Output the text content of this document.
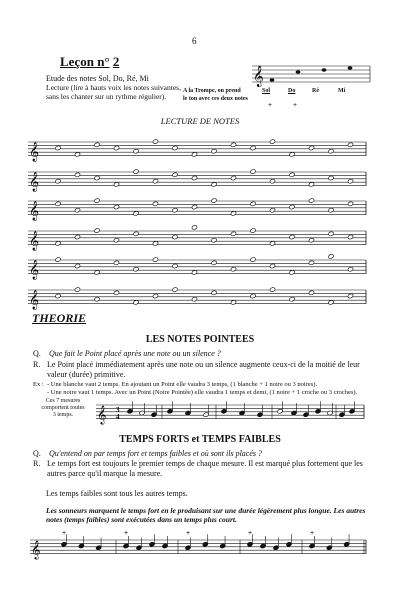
6
Leçon n° 2
Etude des notes Sol, Do, Ré, Mi
Lecture (lire à hauts voix les notes suivantes,
sans les chanter sur un rythme régulier).
A la Trompe, on prend
le ton avec ces deux notes
+	+
Sol	Do	Ré	Mi
𝄞
LECTURE DE NOTES
𝄞
𝄞
𝄞
𝄞
𝄞
𝄞
THEORIE
LES NOTES POINTEES
Q. Que fait le Point placé après une note ou un silence ?
R. Le Point placé immédiatement après une note ou un silence augmente ceux-ci de la moitié de leur valeur (durée) primitive.
Ex : - Une blanche vaut 2 temps. En ajoutant un Point elle vaudra 3 temps, (1 blanche + 1 noire ou 3 noires).
- Une noire vaut 1 temps. Avec un Point (Noire Pointée) elle vaudra 1 temps et demi, (1 noire + 1 croche ou 3 croches).
Ces 7 mesures comportent toutes 3 temps.	𝄞 3
4
TEMPS FORTS et TEMPS FAIBLES
Q. Qu'entend on par temps fort et temps faibles et où sont ils placés ?
R. Le temps fort est toujours le premier temps de chaque mesure. Il est marqué plus fortement que les autres parce qu'il marque la mesure.
Les temps faibles sont tous les autres temps.
Les sonneurs marquent le temps fort en le produisant sur une durée légèrement plus longue. Les autres notes (temps faibles) sont exécutées dans un temps plus court.
𝄞
+	+	+	+	+
